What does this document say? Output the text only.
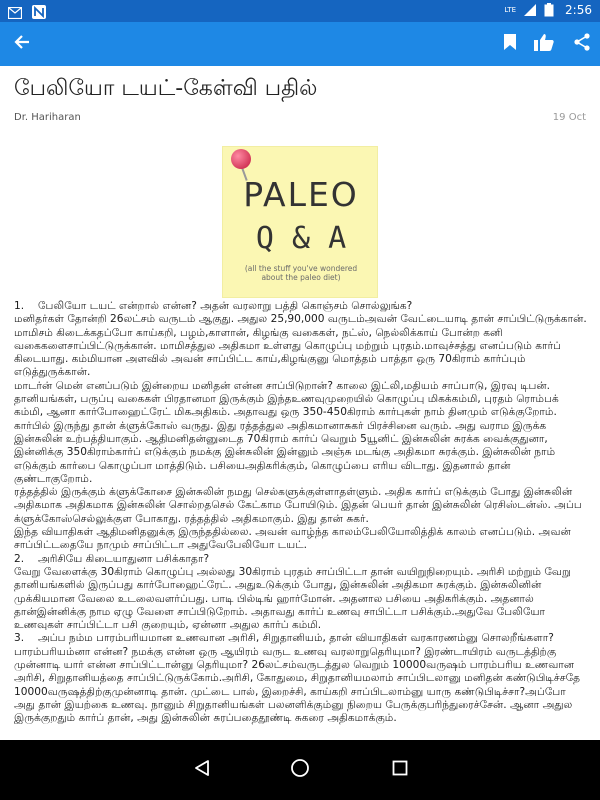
LTE	2:56
பேலியோ டயட்-கேள்வி பதில்
Dr. Hariharan	19 Oct
PALEO
Q & A
(all the stuff you've wondered about the paleo diet)

1. பேலியோ டயட் என்றால் என்ன? அதன் வரலாறு பத்தி கொஞ்சம் சொல்லுங்க?

மனிதர்கள் தோன்றி 26லட்சம் வருடம் ஆகுது. அதுல 25,90,000 வருடம்அவன் வேட்டையாடி தான் சாப்பிட்டுருக்கான். மாமிசம் கிடைக்கதப்போ காய்கறி, பழம்,காளான், கிழங்கு வகைகள், நட்ஸ், நெல்லிக்காய் போன்ற கனி வகைகளைசாப்பிட்டுருக்கான். மாமிசத்துல அதிகமா உள்ளது கொழுப்பு மற்றும் புரதம்.மாவுச்சத்து எனப்படும் கார்ப் கிடையாது. கம்மியான அளவில் அவன் சாப்பிட்ட காய்,கிழங்குனு மொத்தம் பாத்தா ஒரு 70கிராம் கார்ப்பும் எடுத்துருக்கான்.

மாடர்ன் மென் எனப்படும் இன்றைய மனிதன் என்ன சாப்பிடுறான்? காலை இட்லி,மதியம் சாப்பாடு, இரவு டிபன். தானியங்கள், பருப்பு வகைகள் பிரதானமா இருக்கும் இந்தஉணவுமுறையில் கொழுப்பு மிகக்கம்மி, புரதம் ரொம்பக் கம்மி, ஆனா கார்போஹைட்ரேட் மிகஅதிகம். அதாவது ஒரு 350-450கிராம் கார்புகள் நாம் தினமும் எடுக்குறோம்.

கார்பில் இருந்து தான் க்ளுக்கோஸ் வருது. இது ரத்தத்துல அதிகமானாசுகர் பிரச்சினை வரும். அது வராம இருக்க இன்சுலின் உற்பத்தியாகும். ஆதிமனிதன்னுடைத 70கிராம் கார்ப் வெறும் 5யூனிட் இன்சுலின் சுரக்க வைக்குதுனா, இன்னிக்கு 350கிராம்கார்ப் எடுக்கும் நமக்கு இன்சுலின் இன்னும் அஞ்சு மடங்கு அதிகமா சுரக்கும். இன்சுலின் நாம் எடுக்கும் கார்பை கொழுப்பா மாத்திடும். பசியைஅதிகரிக்கும், கொழுப்பை எரிய விடாது. இதனால் தான் குண்டாகுறோம்.

ரத்தத்தில் இருக்கும் க்ளுக்கோசை இன்சுலின் நமது செல்களுக்குள்ளாதள்ளும். அதிக கார்ப் எடுக்கும் போது இன்சுலின் அதிகமாக அதிகமாக இன்சுலின் சொல்றதசெல் கேட்காம போயிடும். இதன் பெயர் தான் இன்சுலின் ரெசிஸ்டன்ஸ். அப்ப க்ளுக்கோஸ்செல்லுக்குள போகாது. ரத்தத்தில் அதிகமாகும். இது தான் சுகர்.

இந்த வியாதிகள் ஆதிமனிதனுக்கு இருந்ததில்லை. அவன் வாழ்ந்த காலம்பேலியோலித்திக் காலம் எனப்படும். அவன் சாப்பிட்டதையே நாமும் சாப்பிட்டா அதுவேபேலியோ டயட்.

2. அரிசியே கிடையாதுனா பசிக்காதா?

வேறு வேளைக்கு 30கிராம் கொழுப்பு அல்லது 30கிராம் புரதம் சாப்பிட்டா தான் வயிறுநிறையும். அரிசி மற்றும் வேறு தானியங்களில் இருப்பது கார்போஹைட்ரேட். அதுஉடுக்கும் போது, இன்சுலின் அதிகமா சுரக்கும். இன்சுலினின் முக்கியமான வேலை உடலைவளர்ப்பது. பாடி பில்டிங் ஹார்மோன். அதனால பசியை அதிகரிக்கும். அதனால் தான்இன்னிக்கு நாம ஏழு வேளை சாப்பிடுறோம். அதாவது கார்ப் உணவு சாபிட்டா பசிக்கும்.அதுவே பேலியோ உணவுகள் சாப்பிட்டா பசி குறையும், ஏன்னா அதுல கார்ப் கம்மி.

3. அப்ப நம்ம பாரம்பரியமான உணவான அரிசி, சிறுதானியம், தான் வியாதிகள் வரகாரணம்னு சொலறீங்களா?

பாரம்பரியம்னா என்ன? நமக்கு என்ன ஒரு ஆயிரம் வருட உணவு வரலாறுதெரியுமா? இரண்டாயிரம் வருடத்திற்கு முன்னாடி யார் என்ன சாப்பிட்டான்னு தெரியுமா? 26லட்சம்வருடத்துல வெறும் 10000வருஷம் பாரம்பரிய உணவான அரிசி, சிறுதானியத்தை சாப்பிட்டுருக்கோம்.அரிசி, கோதுமை, சிறுதானியமலாம் சாப்பிடலானு மனிதன் கண்டுபிடிச்சதே 10000வருஷத்திற்குமுன்னாடி தான். முட்டை பால், இறைச்சி, காய்கறி சாப்பிடலாம்னு யாரு கண்டுபிடிச்சா?அப்போ அது தான் இயற்கை உணவு. நானும் சிறுதானியங்கள் பலனளிக்கும்னு நிறைய பேருக்குபரிந்துரைச்சேன். ஆனா அதுல இருக்குறதும் கார்ப் தான், அது இன்சுலின் சுரப்பதைதூண்டி சுகரை அதிகமாக்கும்.
